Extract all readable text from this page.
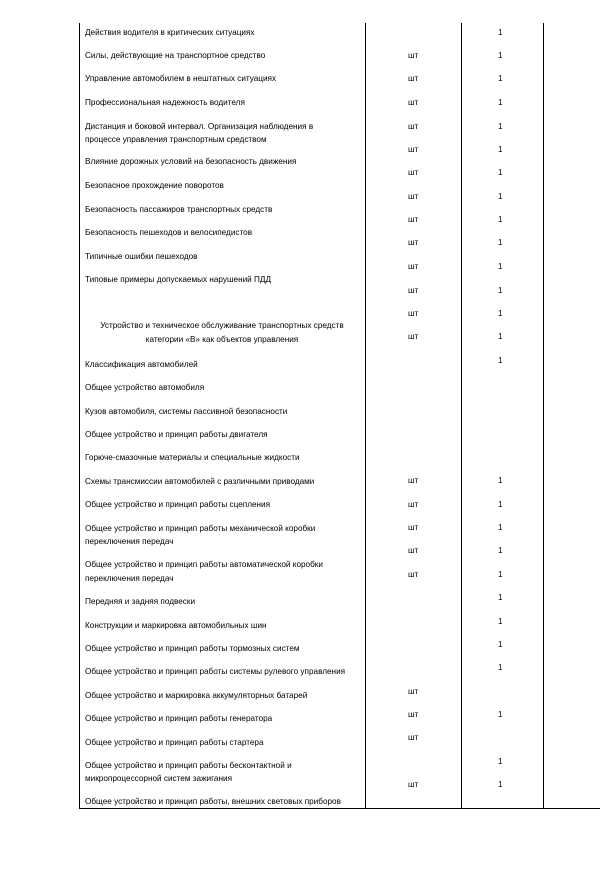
Действия водителя в критических ситуациях
Силы, действующие на транспортное средство
Управление автомобилем в нештатных ситуациях
Профессиональная надежность водителя
Дистанция и боковой интервал. Организация наблюдения в
процессе управления транспортным средством
Влияние дорожных условий на безопасность движения
Безопасное прохождение поворотов
Безопасность пассажиров транспортных средств
Безопасность пешеходов и велосипедистов
Типичные ошибки пешеходов
Типовые примеры допускаемых нарушений ПДД
Устройство и техническое обслуживание транспортных средств
категории «В» как объектов управления
Классификация автомобилей
Общее устройство автомобиля
Кузов автомобиля, системы пассивной безопасности
Общее устройство и принцип работы двигателя
Горюче-смазочные материалы и специальные жидкости
Схемы трансмиссии автомобилей с различными приводами
Общее устройство и принцип работы сцепления
Общее устройство и принцип работы механической коробки
переключения передач
Общее устройство и принцип работы автоматической коробки
переключения передач
Передняя и задняя подвески
Конструкции и маркировка автомобильных шин
Общее устройство и принцип работы тормозных систем
Общее устройство и принцип работы системы рулевого управления
Общее устройство и маркировка аккумуляторных батарей
Общее устройство и принцип работы генератора
Общее устройство и принцип работы стартера
Общее устройство и принцип работы бесконтактной и
микропроцессорной систем зажигания
Общее устройство и принцип работы, внешних световых приборов
шт
шт
шт
шт
шт
шт
шт
шт
шт
шт
шт
шт
шт
шт
шт
шт
шт
шт
шт
шт
шт
шт
1
1
1
1
1
1
1
1
1
1
1
1
1
1
1
1
1
1
1
1
1
1
1
1
1
1
1
